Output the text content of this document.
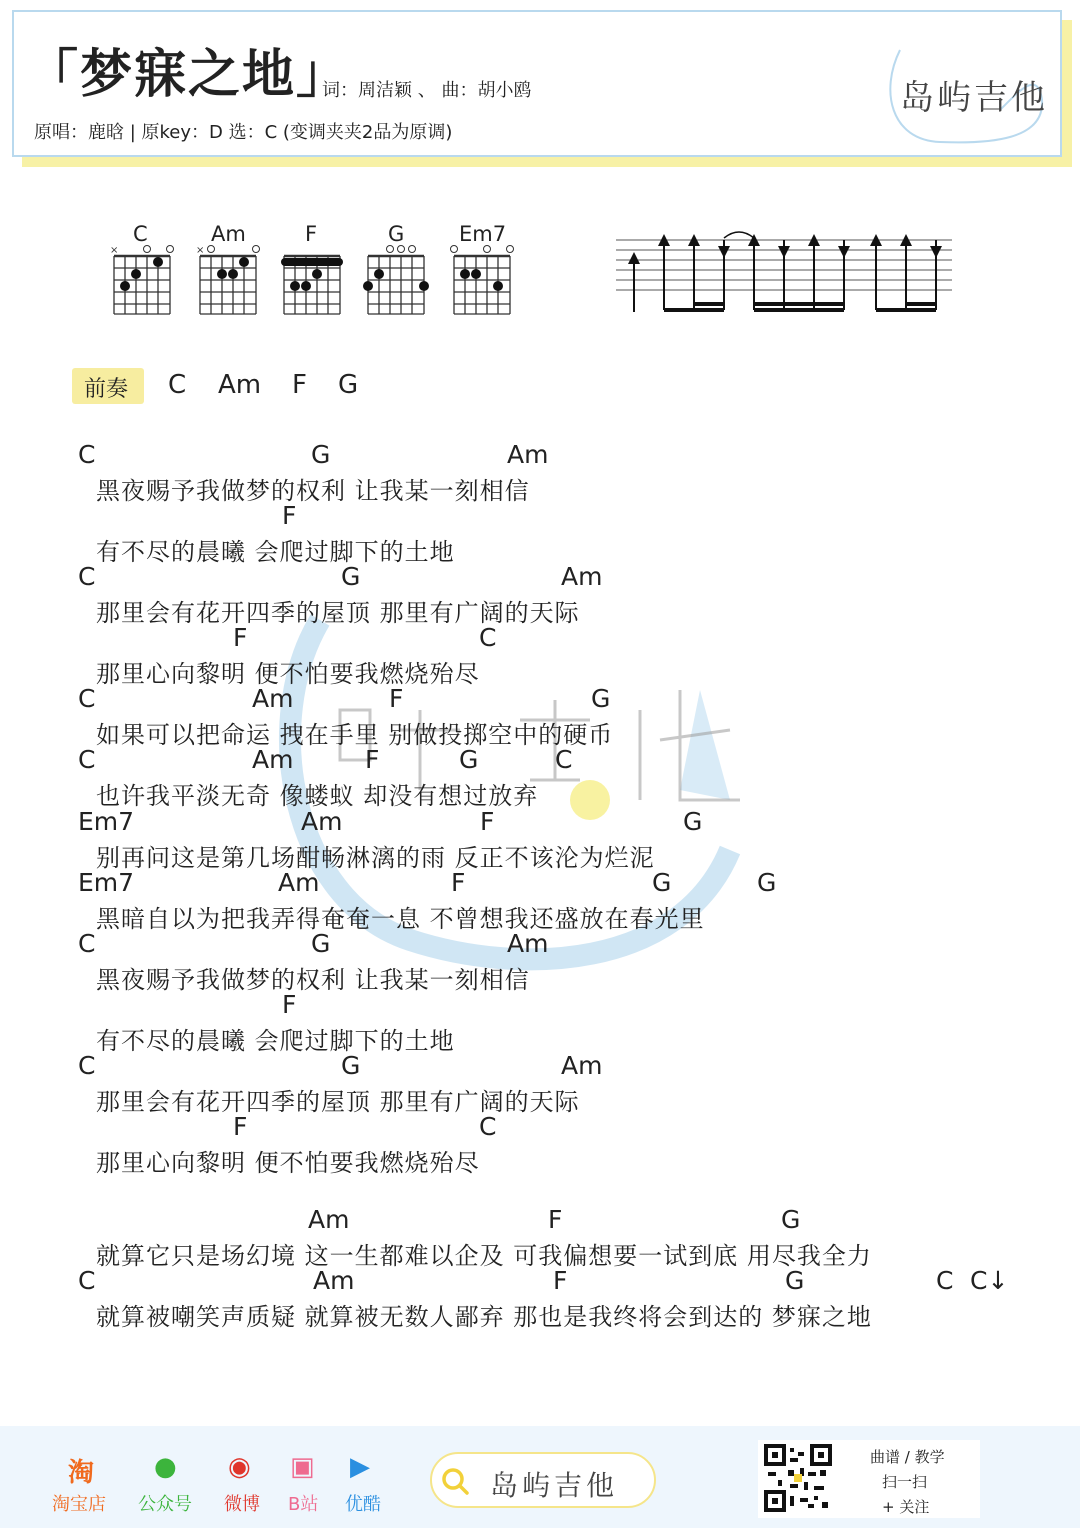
「梦寐之地」
词：周洁颖 、 曲：胡小鸥
原唱：鹿晗 | 原key：D 选：C (变调夹夹2品为原调)
岛屿吉他
C
×
Am
×
F	G	Em7
前奏 C Am F G
C	G	Am
黑夜赐予我做梦的权利 让我某一刻相信
F
有不尽的晨曦 会爬过脚下的土地
C	G	Am
那里会有花开四季的屋顶 那里有广阔的天际
F	C
那里心向黎明 便不怕要我燃烧殆尽
C	Am	F	G
如果可以把命运 拽在手里 别做投掷空中的硬币
C	Am	F	G	C
也许我平淡无奇 像蝼蚁 却没有想过放弃
Em7	Am	F	G
别再问这是第几场酣畅淋漓的雨 反正不该沦为烂泥
Em7	Am	F	G	G
黑暗自以为把我弄得奄奄一息 不曾想我还盛放在春光里
C	G	Am
黑夜赐予我做梦的权利 让我某一刻相信
F
有不尽的晨曦 会爬过脚下的土地
C	G	Am
那里会有花开四季的屋顶 那里有广阔的天际
F	C
那里心向黎明 便不怕要我燃烧殆尽
Am	F	G
就算它只是场幻境 这一生都难以企及 可我偏想要一试到底 用尽我全力
C	Am	F	G	C C↓
就算被嘲笑声质疑 就算被无数人鄙弃 那也是我终将会到达的 梦寐之地
淘
淘宝店
●
公众号
◉
微博
▣
B站
▶
优酷
岛屿吉他
曲谱 / 教学
扫一扫
+ 关注
